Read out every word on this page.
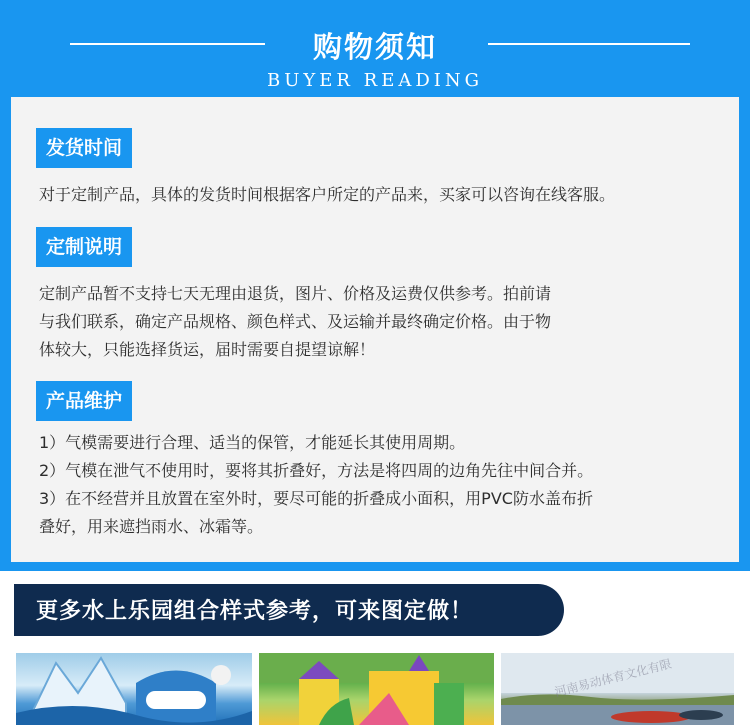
购物须知
BUYER READING
发货时间
对于定制产品，具体的发货时间根据客户所定的产品来，买家可以咨询在线客服。
定制说明
定制产品暂不支持七天无理由退货，图片、价格及运费仅供参考。拍前请
与我们联系，确定产品规格、颜色样式、及运输并最终确定价格。由于物
体较大，只能选择货运，届时需要自提望谅解！
产品维护
1）气模需要进行合理、适当的保管，才能延长其使用周期。
2）气模在泄气不使用时，要将其折叠好，方法是将四周的边角先往中间合并。
3）在不经营并且放置在室外时，要尽可能的折叠成小面积，用PVC防水盖布折
叠好，用来遮挡雨水、冰霜等。
更多水上乐园组合样式参考，可来图定做！
河南易动体育文化有限
